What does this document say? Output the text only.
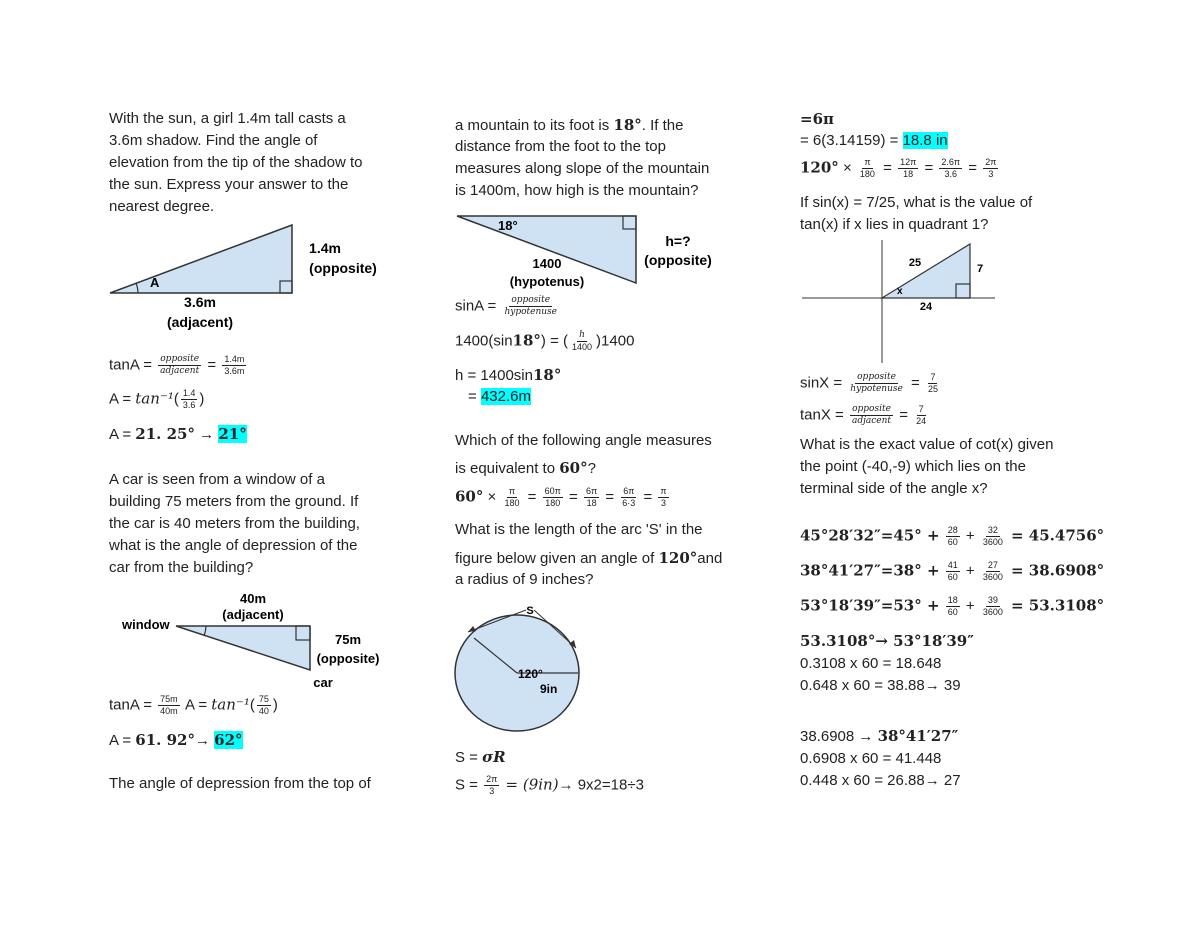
With the sun, a girl 1.4m tall casts a
3.6m shadow. Find the angle of
elevation from the tip of the shadow to
the sun. Express your answer to the
nearest degree.
A
1.4m
(opposite)
3.6m
(adjacent)
$\tan A = \frac{\text{opposite}}{\text{adjacent}} = \frac{1.4m}{3.6m}$
$A = \tan^{-1}( \frac{1.4}{3.6}$ )
A = 21. 25° → 21°
A car is seen from a window of a
building 75 meters from the ground. If
the car is 40 meters from the building,
what is the angle of depression of the
car from the building?
40m
(adjacent)
window
75m
(opposite)
car
$\tan A = \frac{75m}{40m}$ $A = \tan^{-1}( \frac{75}{40}$ )
A = 61. 92°→ 62°
The angle of depression from the top of
a mountain to its foot is 18°. If the
distance from the foot to the top
measures along slope of the mountain
is 1400m, how high is the mountain?
18°
1400
(hypotenus)
h=?
(opposite)
$\sin A = \frac{\text{opposite}}{\text{hypotenuse}}$
1400(sin18°) = ( $\frac{h}{1400} )1400$
h = 1400sin18°
= 432.6m
Which of the following angle measures
is equivalent to 60°?
$60^\circ \times \frac{\pi}{180} = \frac{60\pi}{180} = \frac{6\pi}{18} = \frac{6\pi}{6\cdot 3} = \frac{\pi}{3}$
What is the length of the arc 'S' in the
figure below given an angle of 120°and
a radius of 9 inches?
S
120°
9in
S = σR
$S = \frac{2\pi}{3} = (9in)\to 9x2=18\div 3$
=6π
= 6(3.14159) = 18.8 in
$120^\circ \times \frac{\pi}{180} = \frac{12\pi}{18} = \frac{2.6\pi}{3.6} = \frac{2\pi}{3}$
If sin(x) = 7/25, what is the value of
tan(x) if x lies in quadrant 1?
25	7
24
x
$\sin X = \frac{\text{opposite}}{\text{hypotenuse}} = \frac{7}{25}$
$\tan X = \frac{\text{opposite}}{\text{adjacent}} = \frac{7}{24}$
What is the exact value of cot(x) given
the point (-40,-9) which lies on the
terminal side of the angle x?
$45^\circ 28'32''=45^\circ + \frac{28}{60} + \frac{32}{3600} = 45.4756^\circ$
$38^\circ 41'27''=38^\circ + \frac{41}{60} + \frac{27}{3600} = 38.6908^\circ$
$53^\circ 18'39''=53^\circ + \frac{18}{60} + \frac{39}{3600} = 53.3108^\circ$
53.3108°→ 53°18′39″
0.3108 x 60 = 18.648
0.648 x 60 = 38.88→ 39
38.6908 → 38°41′27″
0.6908 x 60 = 41.448
0.448 x 60 = 26.88→ 27
